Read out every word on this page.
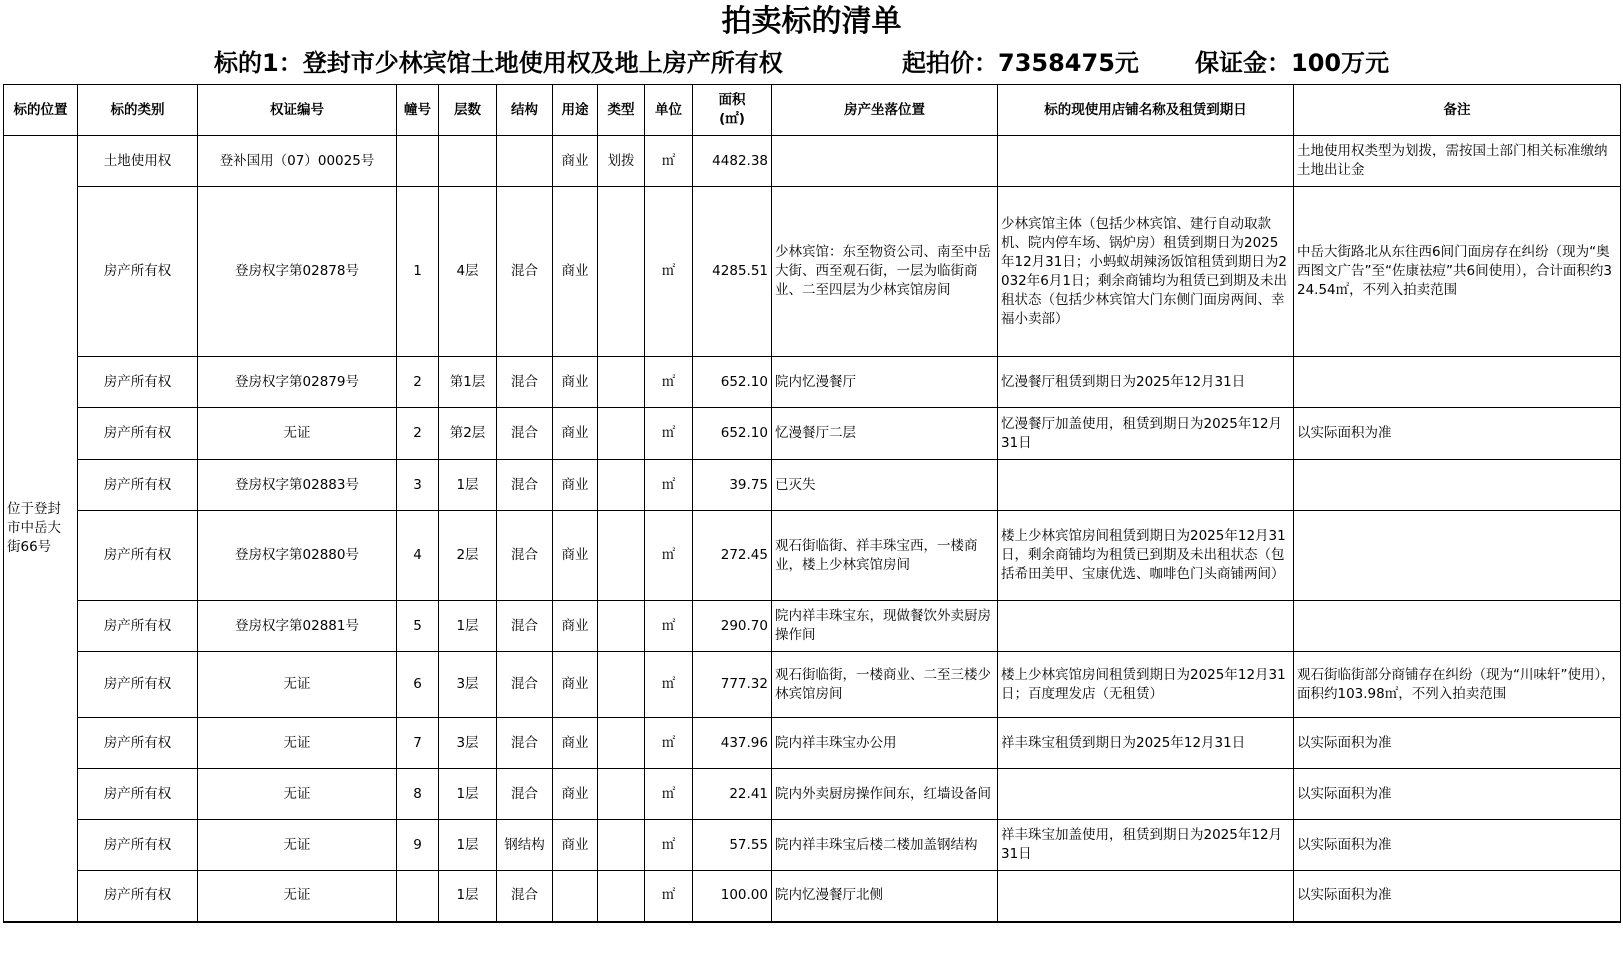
拍卖标的清单
标的1：登封市少林宾馆土地使用权及地上房产所有权	起拍价：7358475元 保证金：100万元
标的位置	标的类别	权证编号	幢号	层数	结构	用途	类型	单位	面积
(㎡)	房产坐落位置	标的现使用店铺名称及租赁到期日	备注
位于登封市中岳大街66号	土地使用权	登补国用（07）00025号				商业	划拨	㎡	4482.38			土地使用权类型为划拨，需按国土部门相关标准缴纳土地出让金
	房产所有权	登房权字第02878号	1	4层	混合	商业		㎡	4285.51	少林宾馆：东至物资公司、南至中岳大街、西至观石街，一层为临街商业、二至四层为少林宾馆房间	少林宾馆主体（包括少林宾馆、建行自动取款机、院内停车场、锅炉房）租赁到期日为2025年12月31日；小蚂蚁胡辣汤饭馆租赁到期日为2032年6月1日；剩余商铺均为租赁已到期及未出租状态（包括少林宾馆大门东侧门面房两间、幸福小卖部）	中岳大街路北从东往西6间门面房存在纠纷（现为“奥西图文广告”至“佐康祛痘”共6间使用），合计面积约324.54㎡，不列入拍卖范围
	房产所有权	登房权字第02879号	2	第1层	混合	商业		㎡	652.10	院内忆漫餐厅	忆漫餐厅租赁到期日为2025年12月31日	
	房产所有权	无证	2	第2层	混合	商业		㎡	652.10	忆漫餐厅二层	忆漫餐厅加盖使用，租赁到期日为2025年12月31日	以实际面积为准
	房产所有权	登房权字第02883号	3	1层	混合	商业		㎡	39.75	已灭失		
	房产所有权	登房权字第02880号	4	2层	混合	商业		㎡	272.45	观石街临街、祥丰珠宝西，一楼商业，楼上少林宾馆房间	楼上少林宾馆房间租赁到期日为2025年12月31日，剩余商铺均为租赁已到期及未出租状态（包括希田美甲、宝康优选、咖啡色门头商铺两间）	
	房产所有权	登房权字第02881号	5	1层	混合	商业		㎡	290.70	院内祥丰珠宝东，现做餐饮外卖厨房操作间		
	房产所有权	无证	6	3层	混合	商业		㎡	777.32	观石街临街，一楼商业、二至三楼少林宾馆房间	楼上少林宾馆房间租赁到期日为2025年12月31日；百度理发店（无租赁）	观石街临街部分商铺存在纠纷（现为“川味轩”使用），面积约103.98㎡，不列入拍卖范围
	房产所有权	无证	7	3层	混合	商业		㎡	437.96	院内祥丰珠宝办公用	祥丰珠宝租赁到期日为2025年12月31日	以实际面积为准
	房产所有权	无证	8	1层	混合	商业		㎡	22.41	院内外卖厨房操作间东，红墙设备间		以实际面积为准
	房产所有权	无证	9	1层	钢结构	商业		㎡	57.55	院内祥丰珠宝后楼二楼加盖钢结构	祥丰珠宝加盖使用，租赁到期日为2025年12月31日	以实际面积为准
	房产所有权	无证		1层	混合			㎡	100.00	院内忆漫餐厅北侧		以实际面积为准
